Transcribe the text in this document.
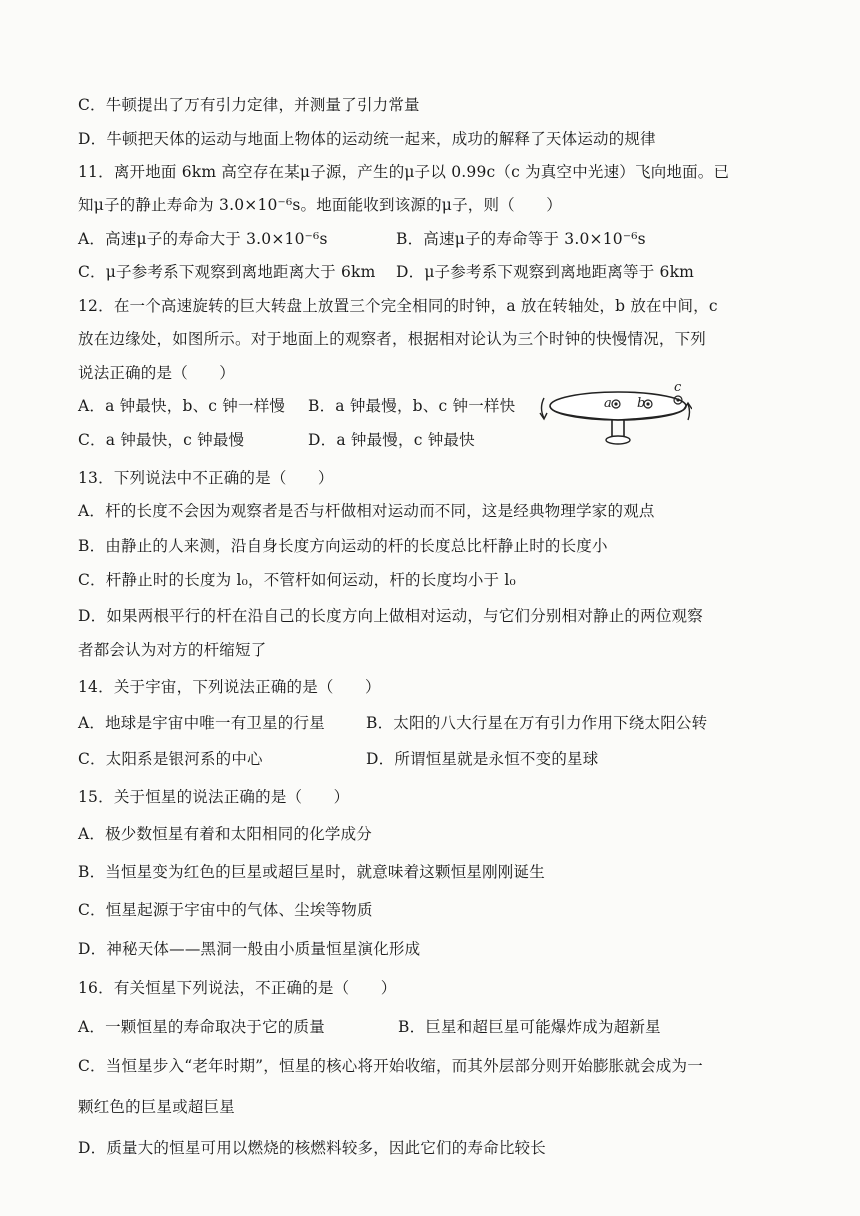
C．牛顿提出了万有引力定律，并测量了引力常量
D．牛顿把天体的运动与地面上物体的运动统一起来，成功的解释了天体运动的规律
11．离开地面 6km 高空存在某μ子源，产生的μ子以 0.99c（c 为真空中光速）飞向地面。已
知μ子的静止寿命为 3.0×10⁻⁶s。地面能收到该源的μ子，则（　　）
A．高速μ子的寿命大于 3.0×10⁻⁶s	B．高速μ子的寿命等于 3.0×10⁻⁶s
C．μ子参考系下观察到离地距离大于 6km D．μ子参考系下观察到离地距离等于 6km
12．在一个高速旋转的巨大转盘上放置三个完全相同的时钟，a 放在转轴处，b 放在中间，c
放在边缘处，如图所示。对于地面上的观察者，根据相对论认为三个时钟的快慢情况，下列
说法正确的是（　　）
A．a 钟最快，b、c 钟一样慢 B．a 钟最慢，b、c 钟一样快
C．a 钟最快，c 钟最慢	D．a 钟最慢，c 钟最快
a b
c
13．下列说法中不正确的是（　　）
A．杆的长度不会因为观察者是否与杆做相对运动而不同，这是经典物理学家的观点
B．由静止的人来测，沿自身长度方向运动的杆的长度总比杆静止时的长度小
C．杆静止时的长度为 l₀，不管杆如何运动，杆的长度均小于 l₀
D．如果两根平行的杆在沿自己的长度方向上做相对运动，与它们分别相对静止的两位观察
者都会认为对方的杆缩短了
14．关于宇宙，下列说法正确的是（　　）
A．地球是宇宙中唯一有卫星的行星	B．太阳的八大行星在万有引力作用下绕太阳公转
C．太阳系是银河系的中心	D．所谓恒星就是永恒不变的星球
15．关于恒星的说法正确的是（　　）
A．极少数恒星有着和太阳相同的化学成分
B．当恒星变为红色的巨星或超巨星时，就意味着这颗恒星刚刚诞生
C．恒星起源于宇宙中的气体、尘埃等物质
D．神秘天体——黑洞一般由小质量恒星演化形成
16．有关恒星下列说法，不正确的是（　　）
A．一颗恒星的寿命取决于它的质量	B．巨星和超巨星可能爆炸成为超新星
C．当恒星步入“老年时期”，恒星的核心将开始收缩，而其外层部分则开始膨胀就会成为一
颗红色的巨星或超巨星
D．质量大的恒星可用以燃烧的核燃料较多，因此它们的寿命比较长
